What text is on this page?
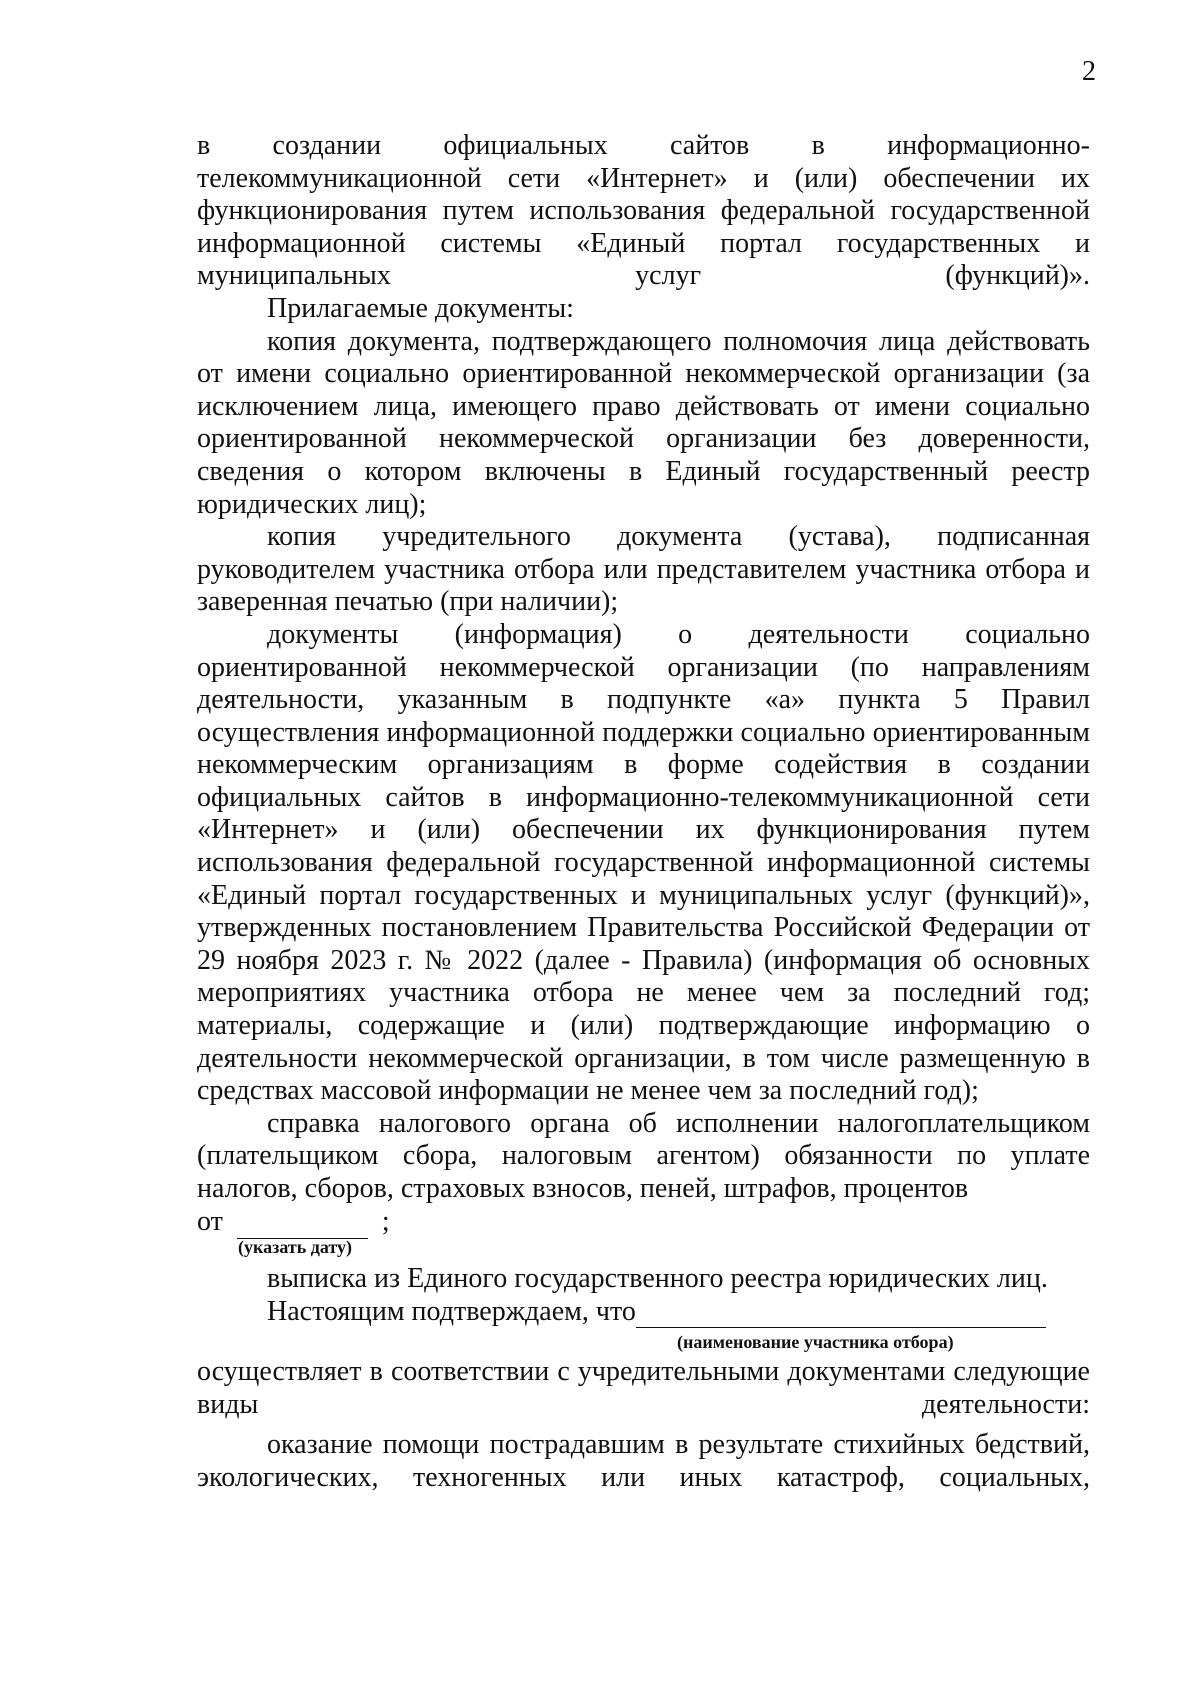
2

в создании официальных сайтов в информационно-телекоммуникационной сети «Интернет» и (или) обеспечении их функционирования путем использования федеральной государственной информационной системы «Единый портал государственных и муниципальных услуг (функций)».

Прилагаемые документы:

копия документа, подтверждающего полномочия лица действовать от имени социально ориентированной некоммерческой организации (за исключением лица, имеющего право действовать от имени социально ориентированной некоммерческой организации без доверенности, сведения о котором включены в Единый государственный реестр юридических лиц);

копия учредительного документа (устава), подписанная руководителем участника отбора или представителем участника отбора и заверенная печатью (при наличии);

документы (информация) о деятельности социально ориентированной некоммерческой организации (по направлениям деятельности, указанным в подпункте «а» пункта 5 Правил осуществления информационной поддержки социально ориентированным некоммерческим организациям в форме содействия в создании официальных сайтов в информационно-телекоммуникационной сети «Интернет» и (или) обеспечении их функционирования путем использования федеральной государственной информационной системы «Единый портал государственных и муниципальных услуг (функций)», утвержденных постановлением Правительства Российской Федерации от 29 ноября 2023 г. № 2022 (далее - Правила) (информация об основных мероприятиях участника отбора не менее чем за последний год; материалы, содержащие и (или) подтверждающие информацию о деятельности некоммерческой организации, в том числе размещенную в средствах массовой информации не менее чем за последний год);

справка налогового органа об исполнении налогоплательщиком (плательщиком сбора, налоговым агентом) обязанности по уплате налогов, сборов, страховых взносов, пеней, штрафов, процентов

от	;
(указать дату)

выписка из Единого государственного реестра юридических лиц.

Настоящим подтверждаем, что
(наименование участника отбора)

осуществляет в соответствии с учредительными документами следующие виды деятельности:

оказание помощи пострадавшим в результате стихийных бедствий, экологических, техногенных или иных катастроф, социальных,
